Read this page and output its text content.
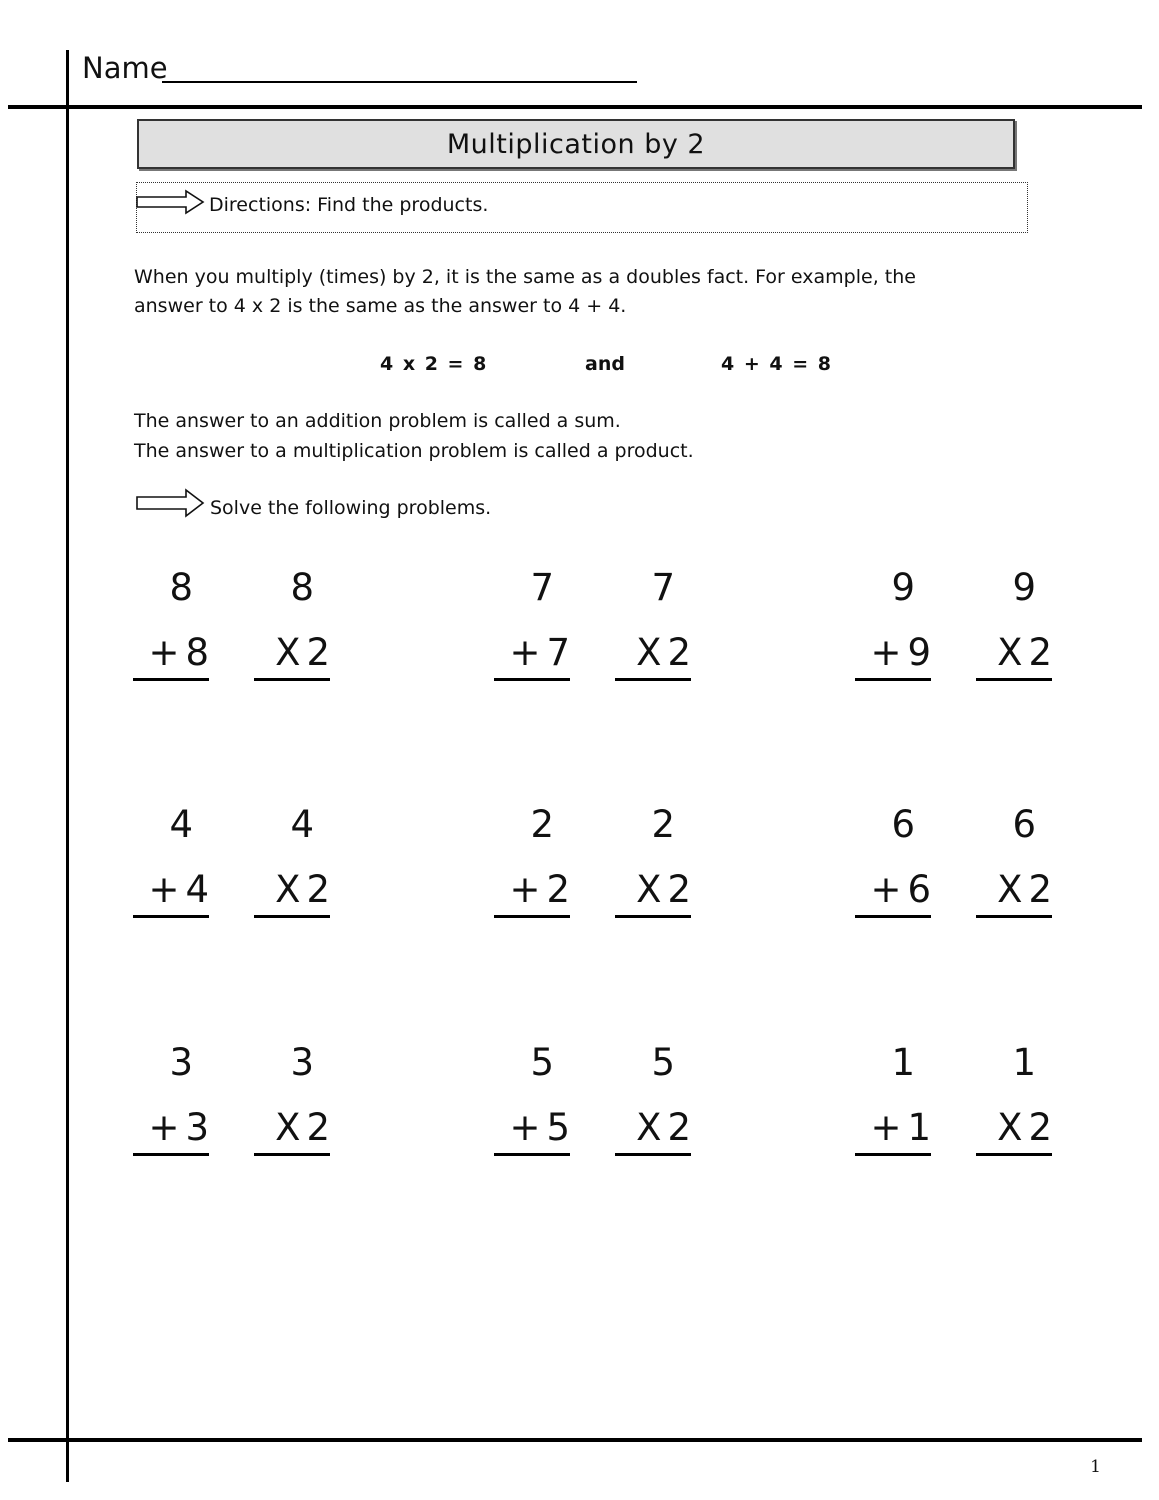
Name
Multiplication by 2
Directions: Find the products.
When you multiply (times) by 2, it is the same as a doubles fact. For example, the
answer to 4 x 2 is the same as the answer to 4 + 4.
4 x 2 = 8	and	4 + 4 = 8
The answer to an addition problem is called a sum.
The answer to a multiplication problem is called a product.
Solve the following problems.
8
+ 8
8
X 2
7
+ 7
7
X 2
9
+ 9
9
X 2
4
+ 4
4
X 2
2
+ 2
2
X 2
6
+ 6
6
X 2
3
+ 3
3
X 2
5
+ 5
5
X 2
1
+ 1
1
X 2
1
